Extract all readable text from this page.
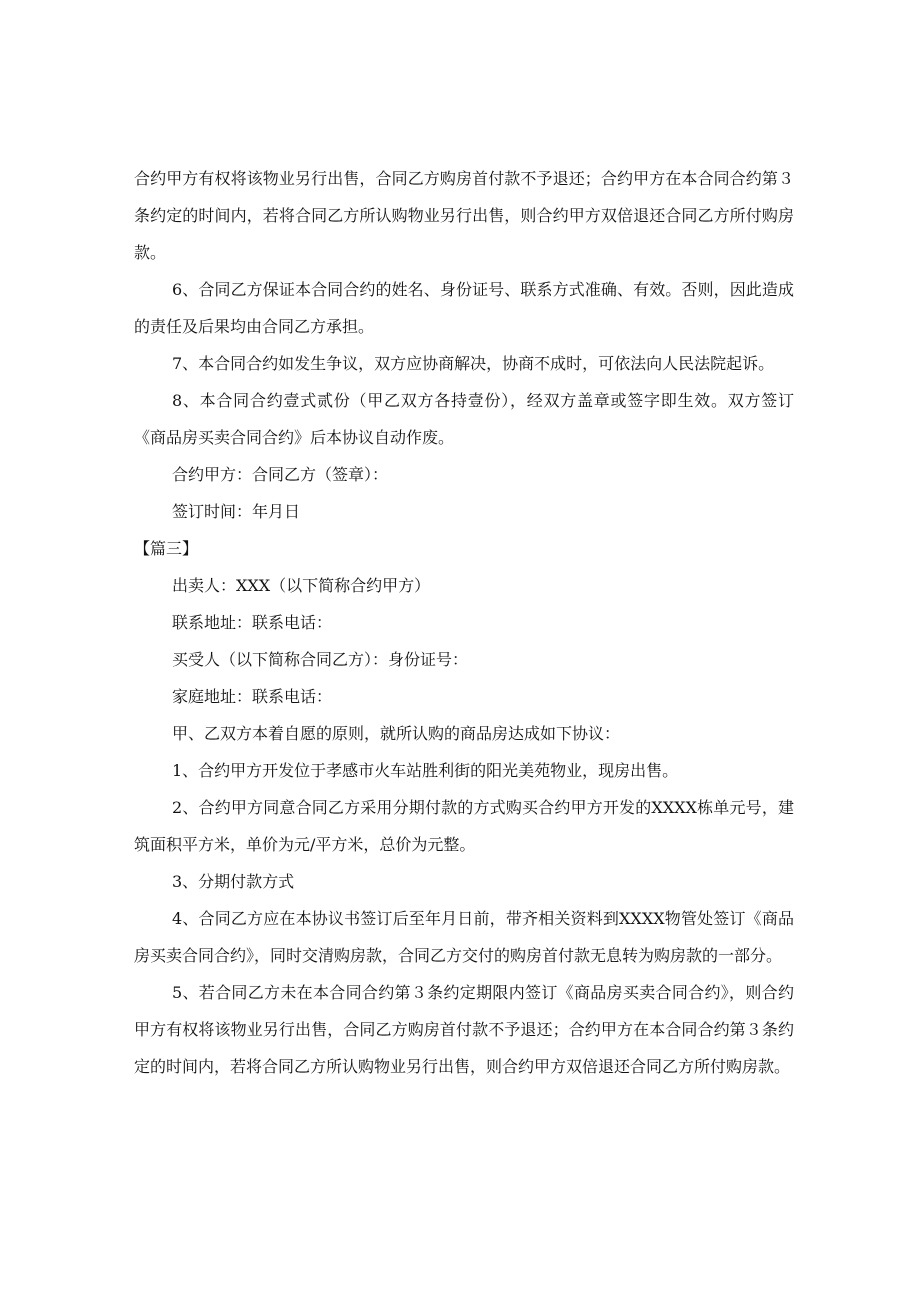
合约甲方有权将该物业另行出售，合同乙方购房首付款不予退还；合约甲方在本合同合约第３条约定的时间内，若将合同乙方所认购物业另行出售，则合约甲方双倍退还合同乙方所付购房款。

6、合同乙方保证本合同合约的姓名、身份证号、联系方式准确、有效。否则，因此造成的责任及后果均由合同乙方承担。

7、本合同合约如发生争议，双方应协商解决，协商不成时，可依法向人民法院起诉。

8、本合同合约壹式贰份（甲乙双方各持壹份），经双方盖章或签字即生效。双方签订《商品房买卖合同合约》后本协议自动作废。

合约甲方：合同乙方（签章）：

签订时间：年月日

【篇三】

出卖人：XXX（以下简称合约甲方）

联系地址：联系电话：

买受人（以下简称合同乙方）：身份证号：

家庭地址：联系电话：

甲、乙双方本着自愿的原则，就所认购的商品房达成如下协议：

1、合约甲方开发位于孝感市火车站胜利街的阳光美苑物业，现房出售。

2、合约甲方同意合同乙方采用分期付款的方式购买合约甲方开发的XXXX栋单元号，建筑面积平方米，单价为元/平方米，总价为元整。

3、分期付款方式

4、合同乙方应在本协议书签订后至年月日前，带齐相关资料到XXXX物管处签订《商品房买卖合同合约》，同时交清购房款，合同乙方交付的购房首付款无息转为购房款的一部分。

5、若合同乙方未在本合同合约第３条约定期限内签订《商品房买卖合同合约》，则合约甲方有权将该物业另行出售，合同乙方购房首付款不予退还；合约甲方在本合同合约第３条约定的时间内，若将合同乙方所认购物业另行出售，则合约甲方双倍退还合同乙方所付购房款。
